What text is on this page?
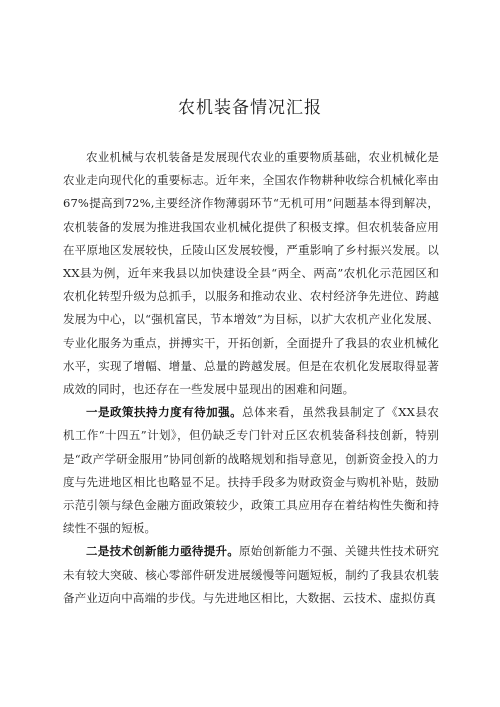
农机装备情况汇报

农业机械与农机装备是发展现代农业的重要物质基础，农业机械化是农业走向现代化的重要标志。近年来，全国农作物耕种收综合机械化率由67%提高到72%,主要经济作物薄弱环节“无机可用”问题基本得到解决，农机装备的发展为推进我国农业机械化提供了积极支撑。但农机装备应用在平原地区发展较快，丘陵山区发展较慢，严重影响了乡村振兴发展。以XX县为例，近年来我县以加快建设全县“两全、两高”农机化示范园区和农机化转型升级为总抓手，以服务和推动农业、农村经济争先进位、跨越发展为中心，以“强机富民，节本增效”为目标，以扩大农机产业化发展、专业化服务为重点，拼搏实干，开拓创新，全面提升了我县的农业机械化水平，实现了增幅、增量、总量的跨越发展。但是在农机化发展取得显著成效的同时，也还存在一些发展中显现出的困难和问题。

一是政策扶持力度有待加强。总体来看，虽然我县制定了《XX县农机工作“十四五”计划》，但仍缺乏专门针对丘区农机装备科技创新，特别是“政产学研金服用”协同创新的战略规划和指导意见，创新资金投入的力度与先进地区相比也略显不足。扶持手段多为财政资金与购机补贴，鼓励示范引领与绿色金融方面政策较少，政策工具应用存在着结构性失衡和持续性不强的短板。

二是技术创新能力亟待提升。原始创新能力不强、关键共性技术研究未有较大突破、核心零部件研发进展缓慢等问题短板，制约了我县农机装备产业迈向中高端的步伐。与先进地区相比，大数据、云技术、虚拟仿真
